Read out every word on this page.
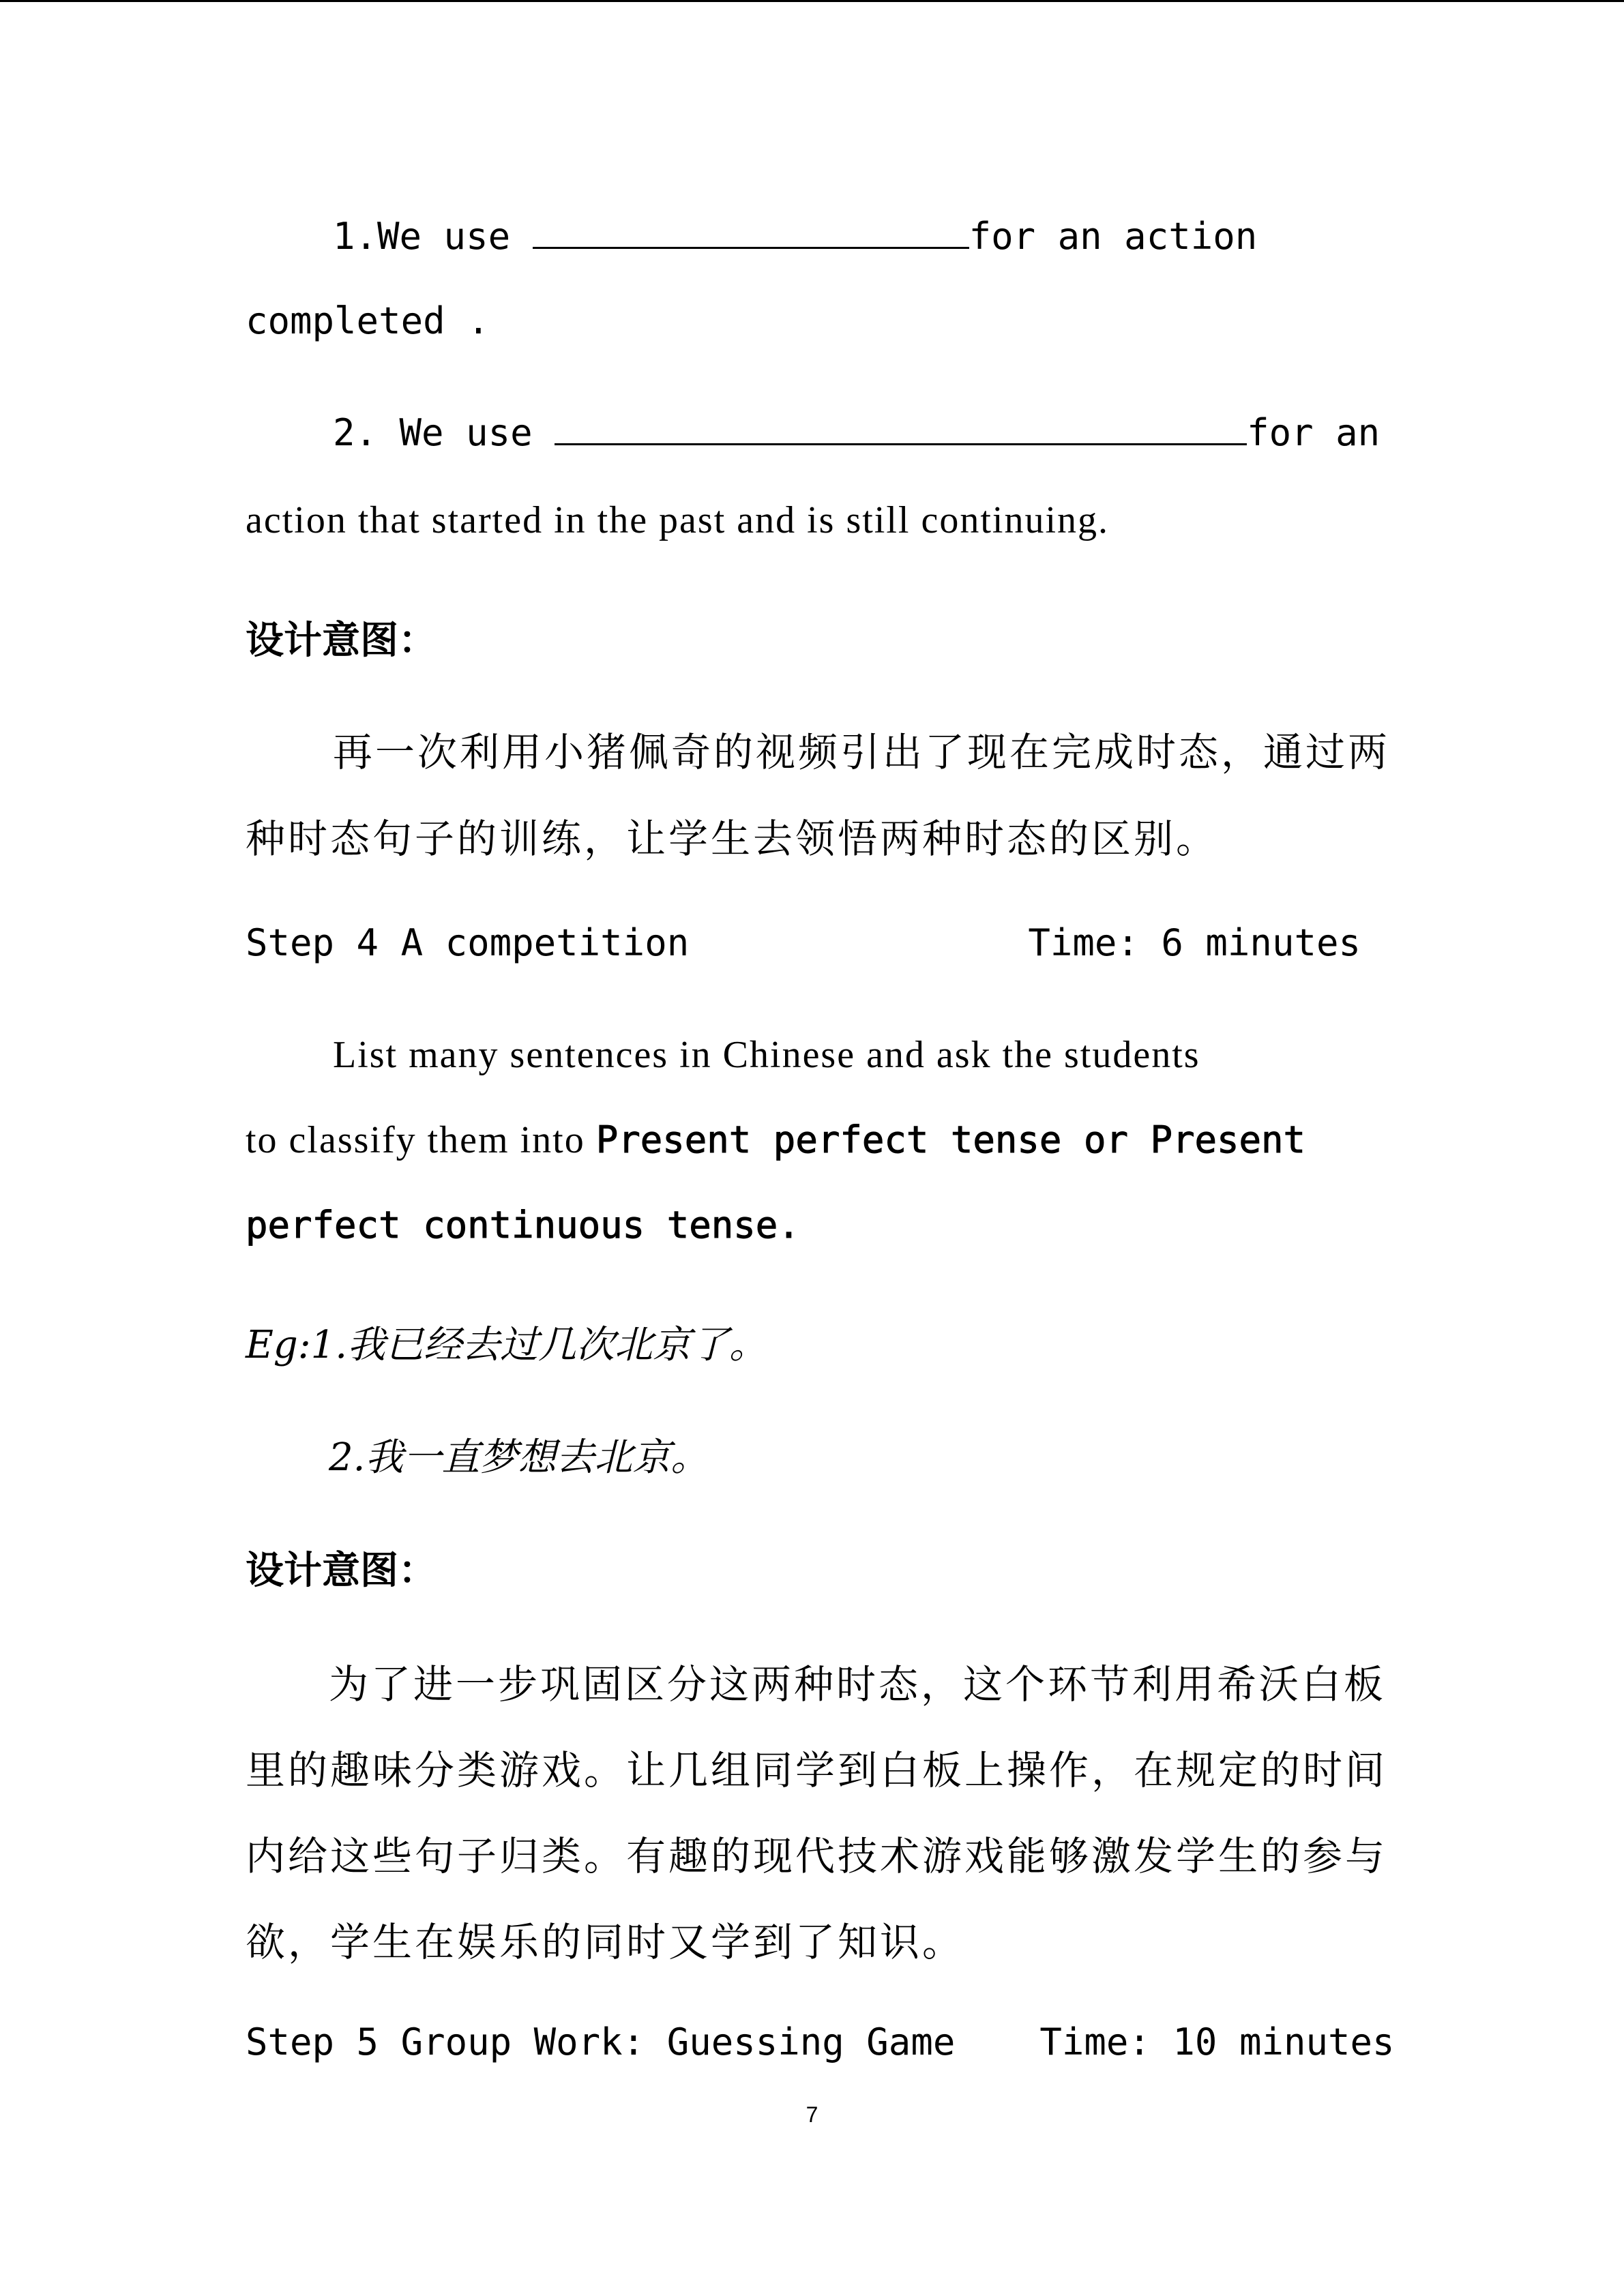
1.We use	for an action
completed .
2. We use	for an
action that started in the past and is still continuing.
设计意图：
再一次利用小猪佩奇的视频引出了现在完成时态，通过两
种时态句子的训练，让学生去领悟两种时态的区别。
Step 4 A competition	Time: 6 minutes
List many sentences in Chinese and ask the students
to classify them into Present perfect tense or Present
perfect continuous tense.
Eg:1.我已经去过几次北京了。
2.我一直梦想去北京。
设计意图：
为了进一步巩固区分这两种时态，这个环节利用希沃白板
里的趣味分类游戏。让几组同学到白板上操作，在规定的时间
内给这些句子归类。有趣的现代技术游戏能够激发学生的参与
欲，学生在娱乐的同时又学到了知识。
Step 5 Group Work: Guessing Game Time: 10 minutes
7
